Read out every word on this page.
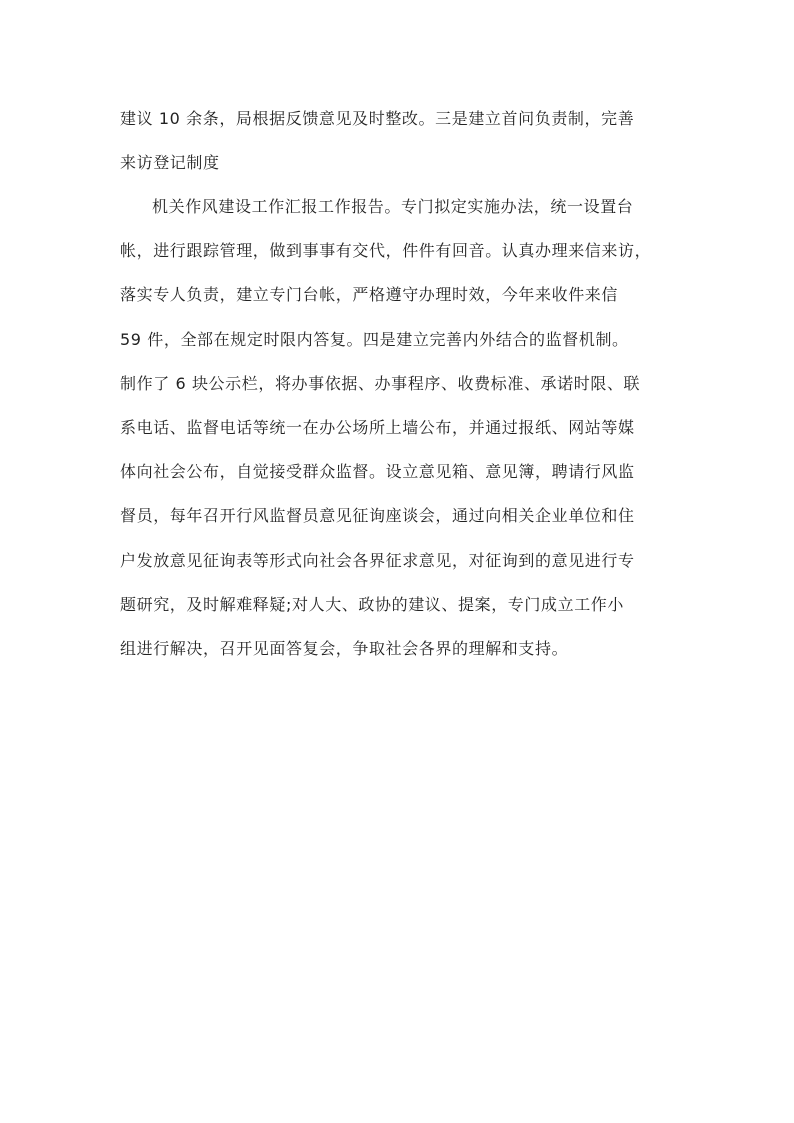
建议 10 余条，局根据反馈意见及时整改。三是建立首问负责制，完善

来访登记制度

机关作风建设工作汇报工作报告。专门拟定实施办法，统一设置台

帐，进行跟踪管理，做到事事有交代，件件有回音。认真办理来信来访，

落实专人负责，建立专门台帐，严格遵守办理时效，今年来收件来信

59 件，全部在规定时限内答复。四是建立完善内外结合的监督机制。

制作了 6 块公示栏，将办事依据、办事程序、收费标准、承诺时限、联

系电话、监督电话等统一在办公场所上墙公布，并通过报纸、网站等媒

体向社会公布，自觉接受群众监督。设立意见箱、意见簿，聘请行风监

督员，每年召开行风监督员意见征询座谈会，通过向相关企业单位和住

户发放意见征询表等形式向社会各界征求意见，对征询到的意见进行专

题研究，及时解难释疑;对人大、政协的建议、提案，专门成立工作小

组进行解决，召开见面答复会，争取社会各界的理解和支持。
